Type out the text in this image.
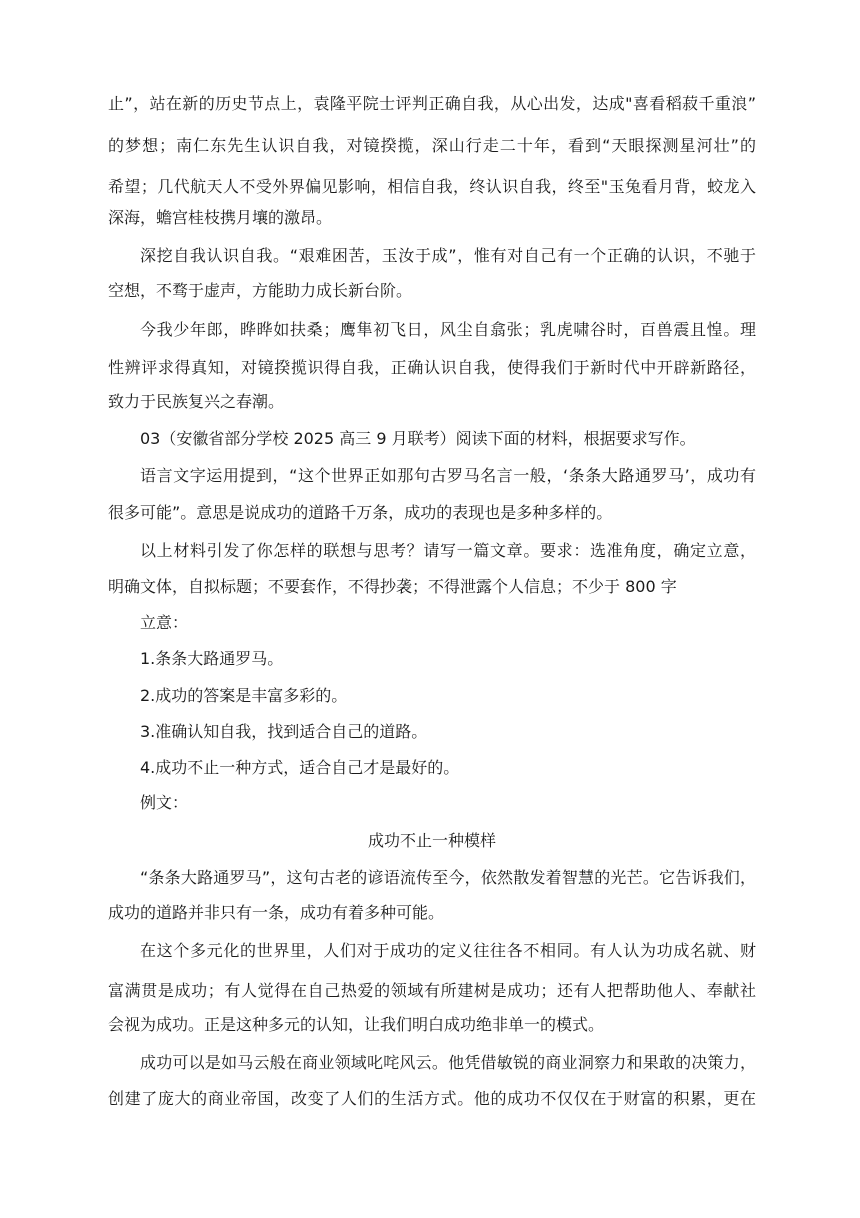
止”，站在新的历史节点上，袁隆平院士评判正确自我，从心出发，达成"喜看稻菽千重浪”
的梦想；南仁东先生认识自我，对镜揆揽，深山行走二十年，看到“天眼探测星河壮”的
希望；几代航天人不受外界偏见影响，相信自我，终认识自我，终至"玉兔看月背，蛟龙入
深海，蟾宫桂枝携月壤的激昂。
深挖自我认识自我。“艰难困苦，玉汝于成”，惟有对自己有一个正确的认识，不驰于
空想，不骛于虚声，方能助力成长新台阶。
今我少年郎，晔晔如扶桑；鹰隼初飞日，风尘自翕张；乳虎啸谷时，百兽震且惶。理
性辨评求得真知，对镜揆揽识得自我，正确认识自我，使得我们于新时代中开辟新路径，
致力于民族复兴之春潮。
03（安徽省部分学校 2025 高三 9 月联考）阅读下面的材料，根据要求写作。
语言文字运用提到，“这个世界正如那句古罗马名言一般，‘条条大路通罗马’，成功有
很多可能”。意思是说成功的道路千万条，成功的表现也是多种多样的。
以上材料引发了你怎样的联想与思考？请写一篇文章。要求：选准角度，确定立意，
明确文体，自拟标题；不要套作，不得抄袭；不得泄露个人信息；不少于 800 字
立意：
1.条条大路通罗马。
2.成功的答案是丰富多彩的。
3.准确认知自我，找到适合自己的道路。
4.成功不止一种方式，适合自己才是最好的。
例文：
成功不止一种模样
“条条大路通罗马”，这句古老的谚语流传至今，依然散发着智慧的光芒。它告诉我们，
成功的道路并非只有一条，成功有着多种可能。
在这个多元化的世界里，人们对于成功的定义往往各不相同。有人认为功成名就、财
富满贯是成功；有人觉得在自己热爱的领域有所建树是成功；还有人把帮助他人、奉献社
会视为成功。正是这种多元的认知，让我们明白成功绝非单一的模式。
成功可以是如马云般在商业领域叱咤风云。他凭借敏锐的商业洞察力和果敢的决策力，
创建了庞大的商业帝国，改变了人们的生活方式。他的成功不仅仅在于财富的积累，更在
